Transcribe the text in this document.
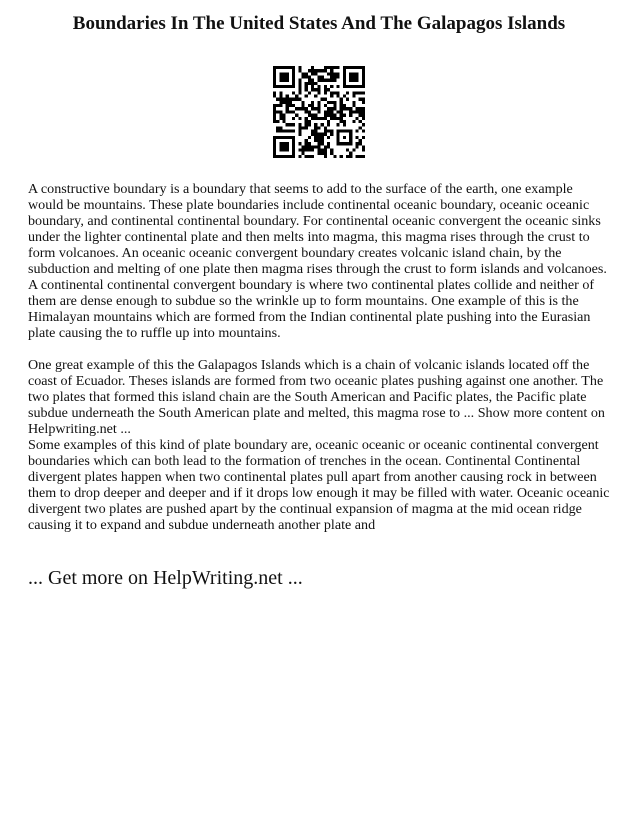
Boundaries In The United States And The Galapagos Islands

A constructive boundary is a boundary that seems to add to the surface of the earth, one example would be mountains. These plate boundaries include continental oceanic boundary, oceanic oceanic boundary, and continental continental boundary. For continental oceanic convergent the oceanic sinks under the lighter continental plate and then melts into magma, this magma rises through the crust to form volcanoes. An oceanic oceanic convergent boundary creates volcanic island chain, by the subduction and melting of one plate then magma rises through the crust to form islands and volcanoes. A continental continental convergent boundary is where two continental plates collide and neither of them are dense enough to subdue so the wrinkle up to form mountains. One example of this is the Himalayan mountains which are formed from the Indian continental plate pushing into the Eurasian plate causing the to ruffle up into mountains.

One great example of this the Galapagos Islands which is a chain of volcanic islands located off the coast of Ecuador. Theses islands are formed from two oceanic plates pushing against one another. The two plates that formed this island chain are the South American and Pacific plates, the Pacific plate subdue underneath the South American plate and melted, this magma rose to ... Show more content on Helpwriting.net ...

Some examples of this kind of plate boundary are, oceanic oceanic or oceanic continental convergent boundaries which can both lead to the formation of trenches in the ocean. Continental Continental divergent plates happen when two continental plates pull apart from another causing rock in between them to drop deeper and deeper and if it drops low enough it may be filled with water. Oceanic oceanic divergent two plates are pushed apart by the continual expansion of magma at the mid ocean ridge causing it to expand and subdue underneath another plate and

... Get more on HelpWriting.net ...
